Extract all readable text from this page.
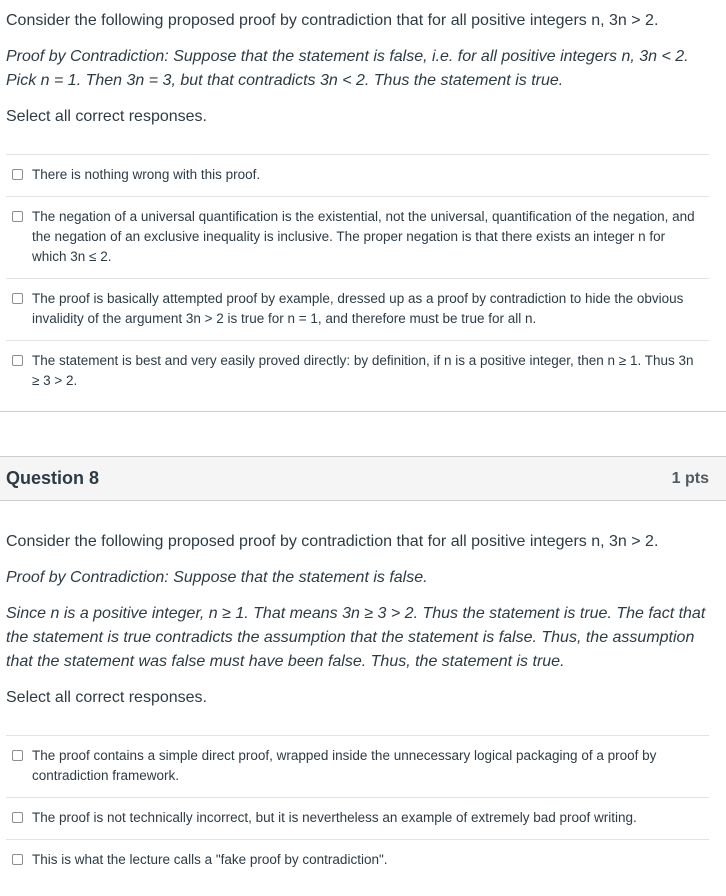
Consider the following proposed proof by contradiction that for all positive integers n, 3n > 2.

Proof by Contradiction: Suppose that the statement is false, i.e. for all positive integers n, 3n < 2.

Pick n = 1. Then 3n = 3, but that contradicts 3n < 2. Thus the statement is true.

Select all correct responses.

There is nothing wrong with this proof.
The negation of a universal quantification is the existential, not the universal, quantification of the negation, and the negation of an exclusive inequality is inclusive. The proper negation is that there exists an integer n for which 3n ≤ 2.
The proof is basically attempted proof by example, dressed up as a proof by contradiction to hide the obvious invalidity of the argument 3n > 2 is true for n = 1, and therefore must be true for all n.
The statement is best and very easily proved directly: by definition, if n is a positive integer, then n ≥ 1. Thus 3n ≥ 3 > 2.
Question 8	1 pts

Consider the following proposed proof by contradiction that for all positive integers n, 3n > 2.

Proof by Contradiction: Suppose that the statement is false.

Since n is a positive integer, n ≥ 1. That means 3n ≥ 3 > 2. Thus the statement is true. The fact that the statement is true contradicts the assumption that the statement is false. Thus, the assumption that the statement was false must have been false. Thus, the statement is true.

Select all correct responses.

The proof contains a simple direct proof, wrapped inside the unnecessary logical packaging of a proof by contradiction framework.
The proof is not technically incorrect, but it is nevertheless an example of extremely bad proof writing.
This is what the lecture calls a "fake proof by contradiction".
